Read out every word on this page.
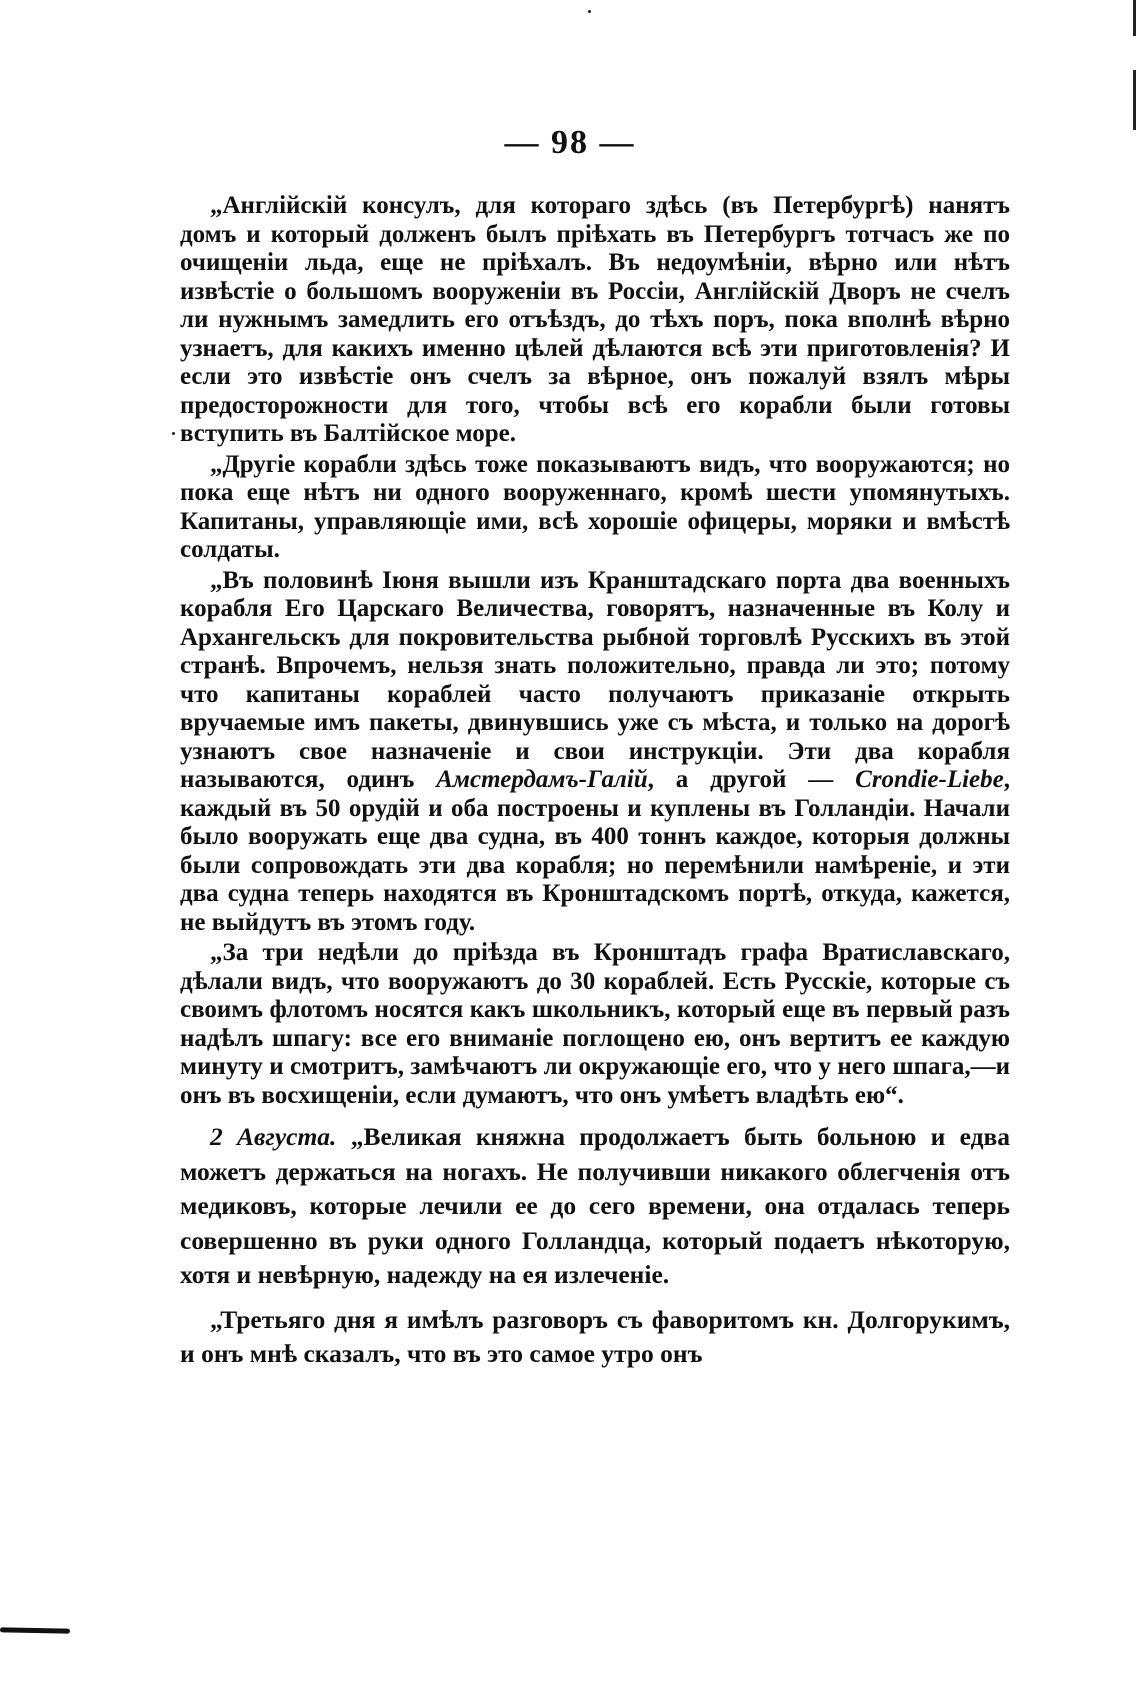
— 98 —

„Англійскій консулъ, для котораго здѣсь (въ Петербургѣ) нанятъ домъ и который долженъ былъ пріѣхать въ Петербургъ тотчасъ же по очищеніи льда, еще не пріѣхалъ. Въ недоумѣніи, вѣрно или нѣтъ извѣстіе о большомъ вооруженіи въ Россіи, Англійскій Дворъ не счелъ ли нужнымъ замедлить его отъѣздъ, до тѣхъ поръ, пока вполнѣ вѣрно узнаетъ, для какихъ именно цѣлей дѣлаются всѣ эти приготовленія? И если это извѣстіе онъ счелъ за вѣрное, онъ пожалуй взялъ мѣры предосторожности для того, чтобы всѣ его корабли были готовы вступить въ Балтійское море.

„Другіе корабли здѣсь тоже показываютъ видъ, что вооружаются; но пока еще нѣтъ ни одного вооруженнаго, кромѣ шести упомянутыхъ. Капитаны, управляющіе ими, всѣ хорошіе офицеры, моряки и вмѣстѣ солдаты.

„Въ половинѣ Іюня вышли изъ Кранштадскаго порта два военныхъ корабля Его Царскаго Величества, говорятъ, назначенные въ Колу и Архангельскъ для покровительства рыбной торговлѣ Русскихъ въ этой странѣ. Впрочемъ, нельзя знать положительно, правда ли это; потому что капитаны кораблей часто получаютъ приказаніе открыть вручаемые имъ пакеты, двинувшись уже съ мѣста, и только на дорогѣ узнаютъ свое назначеніе и свои инструкціи. Эти два корабля называются, одинъ Амстердамъ-Галій, а другой — Crondie-Liebe, каждый въ 50 орудій и оба построены и куплены въ Голландіи. Начали было вооружать еще два судна, въ 400 тоннъ каждое, которыя должны были сопровождать эти два корабля; но перемѣнили намѣреніе, и эти два судна теперь находятся въ Кронштадскомъ портѣ, откуда, кажется, не выйдутъ въ этомъ году.

„За три недѣли до пріѣзда въ Кронштадъ графа Вратиславскаго, дѣлали видъ, что вооружаютъ до 30 кораблей. Есть Русскіе, которые съ своимъ флотомъ носятся какъ школьникъ, который еще въ первый разъ надѣлъ шпагу: все его вниманіе поглощено ею, онъ вертитъ ее каждую минуту и смотритъ, замѣчаютъ ли окружающіе его, что у него шпага,—и онъ въ восхищеніи, если думаютъ, что онъ умѣетъ владѣть ею“.

2 Августа. „Великая княжна продолжаетъ быть больною и едва можетъ держаться на ногахъ. Не получивши никакого облегченія отъ медиковъ, которые лечили ее до сего времени, она отдалась теперь совершенно въ руки одного Голландца, который подаетъ нѣкоторую, хотя и невѣрную, надежду на ея излеченіе.

„Третьяго дня я имѣлъ разговоръ съ фаворитомъ кн. Долгорукимъ, и онъ мнѣ сказалъ, что въ это самое утро онъ
